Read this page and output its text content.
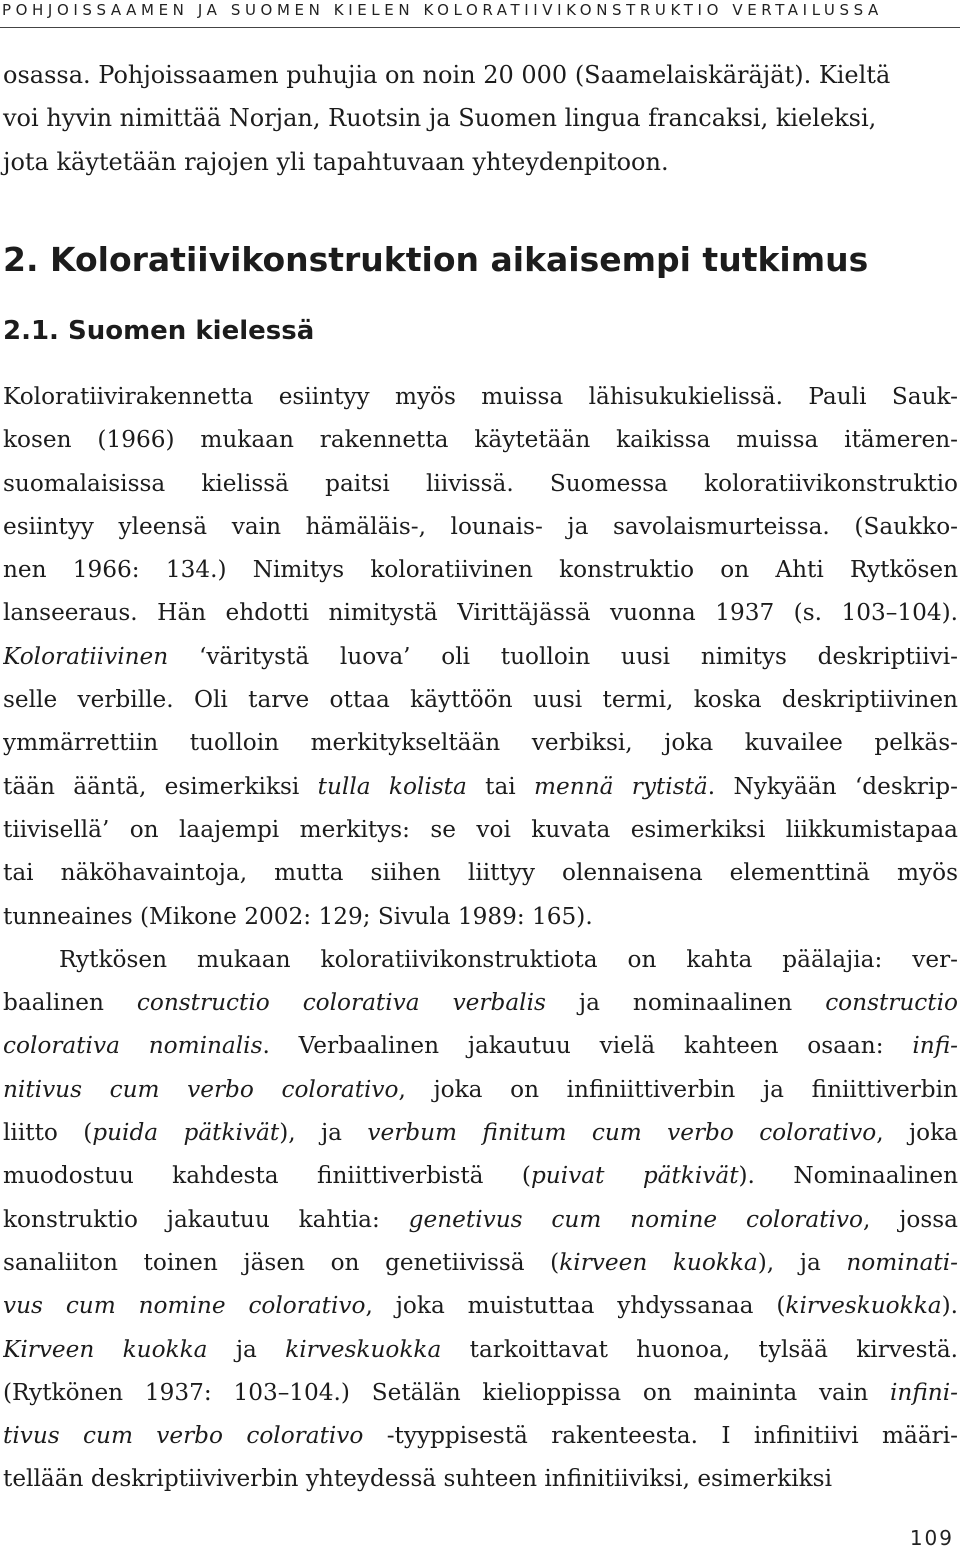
POHJOISSAAMEN JA SUOMEN KIELEN KOLORATIIVIKONSTRUKTIO VERTAILUSSA
osassa. Pohjoissaamen puhujia on noin 20 000 (Saamelaiskäräjät). Kieltä
voi hyvin nimittää Norjan, Ruotsin ja Suomen lingua francaksi, kieleksi,
jota käytetään rajojen yli tapahtuvaan yhteydenpitoon.
2. Koloratiivikonstruktion aikaisempi tutkimus
2.1. Suomen kielessä
Koloratiivirakennetta esiintyy myös muissa lähisukukielissä. Pauli Sauk-
kosen (1966) mukaan rakennetta käytetään kaikissa muissa itämeren-
suomalaisissa kielissä paitsi liivissä. Suomessa koloratiivikonstruktio
esiintyy yleensä vain hämäläis-, lounais- ja savolaismurteissa. (Saukko-
nen 1966: 134.) Nimitys koloratiivinen konstruktio on Ahti Rytkösen
lanseeraus. Hän ehdotti nimitystä Virittäjässä vuonna 1937 (s. 103–104).
Koloratiivinen ‘väritystä luova’ oli tuolloin uusi nimitys deskriptiivi-
selle verbille. Oli tarve ottaa käyttöön uusi termi, koska deskriptiivinen
ymmärrettiin tuolloin merkitykseltään verbiksi, joka kuvailee pelkäs-
tään ääntä, esimerkiksi tulla kolista tai mennä rytistä. Nykyään ‘deskrip-
tiivisellä’ on laajempi merkitys: se voi kuvata esimerkiksi liikkumistapaa
tai näköhavaintoja, mutta siihen liittyy olennaisena elementtinä myös
tunneaines (Mikone 2002: 129; Sivula 1989: 165).
Rytkösen mukaan koloratiivikonstruktiota on kahta päälajia: ver-
baalinen constructio colorativa verbalis ja nominaalinen constructio
colorativa nominalis. Verbaalinen jakautuu vielä kahteen osaan: infi-
nitivus cum verbo colorativo, joka on infiniittiverbin ja finiittiverbin
liitto (puida pätkivät), ja verbum finitum cum verbo colorativo, joka
muodostuu kahdesta finiittiverbistä (puivat pätkivät). Nominaalinen
konstruktio jakautuu kahtia: genetivus cum nomine colorativo, jossa
sanaliiton toinen jäsen on genetiivissä (kirveen kuokka), ja nominati-
vus cum nomine colorativo, joka muistuttaa yhdyssanaa (kirveskuokka).
Kirveen kuokka ja kirveskuokka tarkoittavat huonoa, tylsää kirvestä.
(Rytkönen 1937: 103–104.) Setälän kielioppissa on maininta vain infini-
tivus cum verbo colorativo -tyyppisestä rakenteesta. I infinitiivi määri-
tellään deskriptiiviverbin yhteydessä suhteen infinitiiviksi, esimerkiksi
109
